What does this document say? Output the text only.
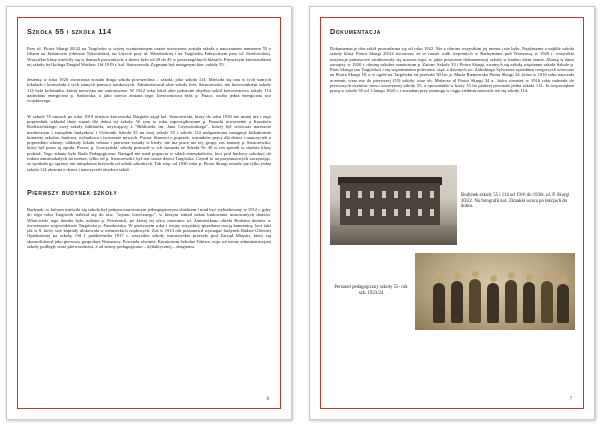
Szkoła 55 i szkoła 114

Przy ul. Piotra Skargi 20/22 na Targówku w wyżej wymienionym czasie utworzona została szkoła z nauczaniem numerem 55 z filiami na Julianowie (obecnie Tykocińska), na Utracie przy ul. Wezdorskiej i na Targówku Fabrycznym przy ul. Józefowskiej. Wszystkie klasy mieściły się w domach prywatnych, a dzieci było od 20 do 45 w poszczególnych klasach. Pierwszym kierownikiem tej szkoły był kolega Dargiel Wacław. Od 1919 r. kol. Sztuczewski Zygmunt był następnym kier. szkoły 55.

Jesienią w roku 1920 otworzona została druga szkoła powszechna – szkoła, jako szkoła 114. Mieściła się ona w tych samych lokalach i korzystała z tych samych pomocy naukowych. Administrował obie szkoły kier. Sztuczewski, nie kierownikiem szkoły 114 była koleżanka, której nazwiska nie zanotowano. W 1922 roku lokal obie położone obydwu szkół kierownictwo szkoły 114 nadesłano energiczna p. Sadowska, a jako trzecia zmiana tego: kierownictwa była p. Puacz, osoba jedna energiczna ucz wojskowego.

W szkole 55 ramach po roku 1919 miejsce kierownika Dargiela zajął kol. Sztuczewski, który do roku 1930 nie mniej niż i tego poprzednik wkładał duże starań dla dobra tej szkoły. W tym to roku zapoczątkowane p. Panacki utworzenie a Komitetu Rodzicielskiego swej szkoły biblioteki, używającej z "Biblioteki im. Jana Czystowskiego", której był wówczas nareszcie nieobecnym i zarządem budynków i Ochronki Szkoła 55 na swej szkole 55 i szkole 114 nadgraniczna następuje kilkakrotnie komitety szkolne, budowa, wybudowa i tworzenie nowych. Pucza: Stanowi o poprzek; warunków pracy dla dzieci i nauczycieli z poprzednio własny; oddzialy lokalu własne i pierwsze zostały w kiedy: nie ma prace nie tej; grupy, zaś zmiany p. Sztuczewski, który był przez tę zgoda. Pucza; p. Gorczyński; szkołę postawił w ich stosunki ze Szkoła Nr 30 w ten sposób w okresie klasy podział; Tego zdania było Rada Pedagogiczna. Nastąpił nie miał poparcia w siłach mieszkańców, lecz pod budowy szkolnej do rodzin zamieszkałych na terenie, tylko od p. Sztuczewski, był ten czasie dzieci Targówka. Czynił to na przymusowych zaczynając, że spotkała go sprawy nie umiędzona krzywda od władz szkolnych. Tak więc od 1930 roku p. Piotra Skargi zostało już tylko jedna szkoła 114 złożona z dzieci i nauczycieli obydwu szkół.

Pierwszy budynek szkoły

Budynek, w którym mieściła się szkoła był jednym murowanym jednopiętrowym obiektem i miał być wybudowany w 1912 r. gdzy do tego roku Targówek należał się do tzw. "rejonu fortecznego", w którym istniał zakaz budowania murowanych domów. Właściciele tego domku była rodzina p. Pewernick, po której tej ulicy nazwano: ul. Zamieszkano obiekt Rodzina domów w ówczesnym województwie Targówka p. Paradowska. W pierwszym roku i wojny rosyjskiej sprzedana swoją kamienicę, lecz taki jak w 8, który swe kapitały ulokowała w niemieckich rządowych. Zaś w 1913 rok postanowił wymagać budynek Radzie Głównej Opiekuńczej na szkołę. Od 1 października 1917 r. wszystkie szkoły warszawskie przeszły pod Zarząd Miejski, który się skonsolidował jako pierwszy gospodarz Warszawy. Powstała również: Kuratorium Szkolne Taktwa, więc od strony administracyjnej szkoły podległy teraz pierwszeńswa, a od strony pedagogiczno – dydaktycznej – drugiemu.

6
Dokumentacja

Dokumentacja obu szkół prowadzona się od roku 1922. Nie z obrono wszystkim jej niema i nie było. Najsłusznie z najbliż szkoła szkoły klasy Piotra Skargi 20/22 tworzono, że w czasie walk wojennych w Radzyminie pod Warszawą w 1920 r. wszystkie instytucje państwowe ewakuowały się maczas tego, w jakie potocznie dokumentacji szkoły w bardzo złym stanie. Zbiorę w dano zaczętej: w 1920 r. obronę szkolne sanatorium p. Zatom: Szkoły 55 i Piotra Skargi, zwanych się szkołą więzienne szkoła Szkole p. Piotr Skarga (na Targówku) i się wspominania polecenia, stąd, z dawnych oo. Zaleskiego Sylwestra sąsiednim czegowych wówczas na Piotra Skargi 18, a w ogóle na Targówku od przeszło 50 lat: p. Maria Bieniewska Piotra Skargi 24, która w 1916 roku nauczała uczennic wraz nie do pierwszej (55) szkoły, oraz ob. Mołacza ul Piotra Skargi 34 a., która również w 1916 roku należała do pierwszych uczniów nowo utworzonej szkoły 55, a opowiadała w który 15 lat później powstała jedna szkoła 114. Ja rozpoczęłam pracę w szkole 55 od 1 lutego 1922 r. i zostałam przy niemogę w ciągu siedmiu nazwach też się szkoły 114.

Budynek szkoły 55 i 114 od 1916 do 1936r. ul. P. Skargi 20/22. Na fotografii kol. Zimakki wraca po lekcjach do domu.
Personel pedagogiczny szkoły 55- rok szk. 1923/24
7
